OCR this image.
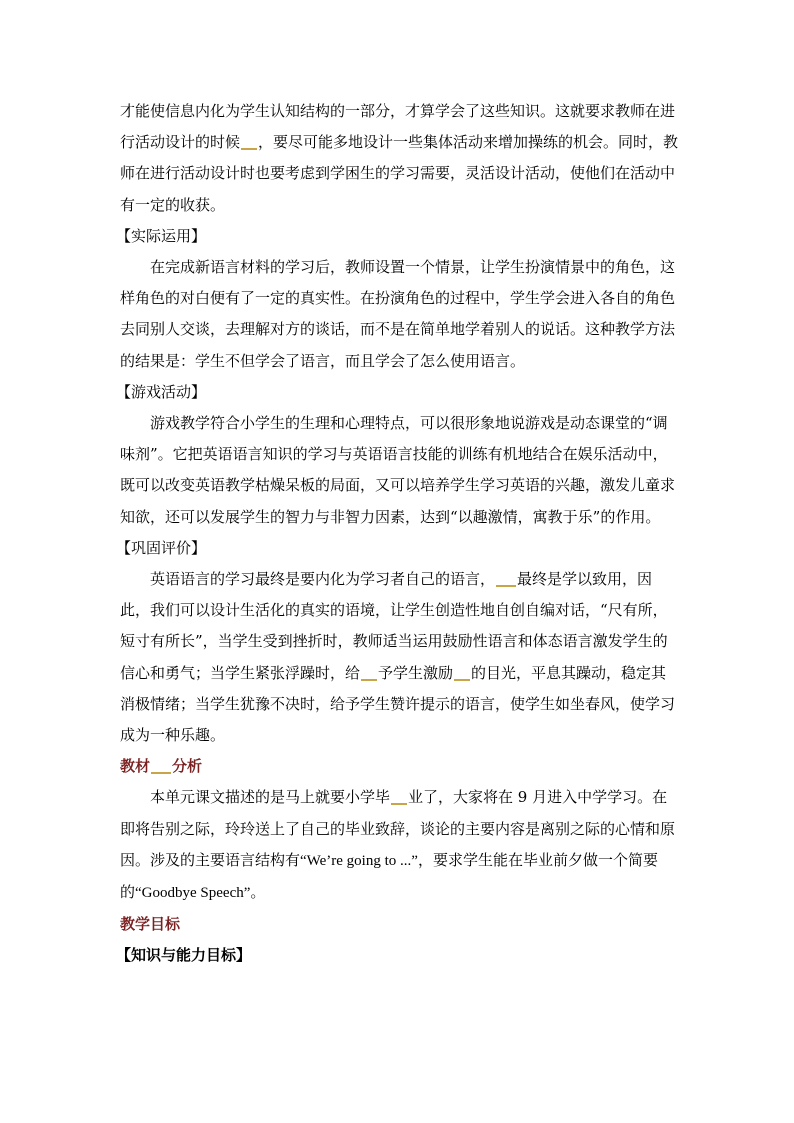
才能使信息内化为学生认知结构的一部分，才算学会了这些知识。这就要求教师在进行活动设计的时候 ，要尽可能多地设计一些集体活动来增加操练的机会。同时，教师在进行活动设计时也要考虑到学困生的学习需要，灵活设计活动，使他们在活动中有一定的收获。

【实际运用】

在完成新语言材料的学习后，教师设置一个情景，让学生扮演情景中的角色，这样角色的对白便有了一定的真实性。在扮演角色的过程中，学生学会进入各自的角色去同别人交谈，去理解对方的谈话，而不是在简单地学着别人的说话。这种教学方法的结果是：学生不但学会了语言，而且学会了怎么使用语言。

【游戏活动】

游戏教学符合小学生的生理和心理特点，可以很形象地说游戏是动态课堂的“调味剂”。它把英语语言知识的学习与英语语言技能的训练有机地结合在娱乐活动中，既可以改变英语教学枯燥呆板的局面，又可以培养学生学习英语的兴趣，激发儿童求知欲，还可以发展学生的智力与非智力因素，达到“以趣激情，寓教于乐”的作用。

【巩固评价】

英语语言的学习最终是要内化为学习者自己的语言， 最终是学以致用，因此，我们可以设计生活化的真实的语境，让学生创造性地自创自编对话，“尺有所，短寸有所长”，当学生受到挫折时，教师适当运用鼓励性语言和体态语言激发学生的信心和勇气；当学生紧张浮躁时，给 予学生激励 的目光，平息其躁动，稳定其消极情绪；当学生犹豫不决时，给予学生赞许提示的语言，使学生如坐春风，使学习成为一种乐趣。

教材 分析

本单元课文描述的是马上就要小学毕 业了，大家将在 9 月进入中学学习。在即将告别之际，玲玲送上了自己的毕业致辞，谈论的主要内容是离别之际的心情和原因。涉及的主要语言结构有“We’re going to ...”，要求学生能在毕业前夕做一个简要的“Goodbye Speech”。

教学目标

【知识与能力目标】
